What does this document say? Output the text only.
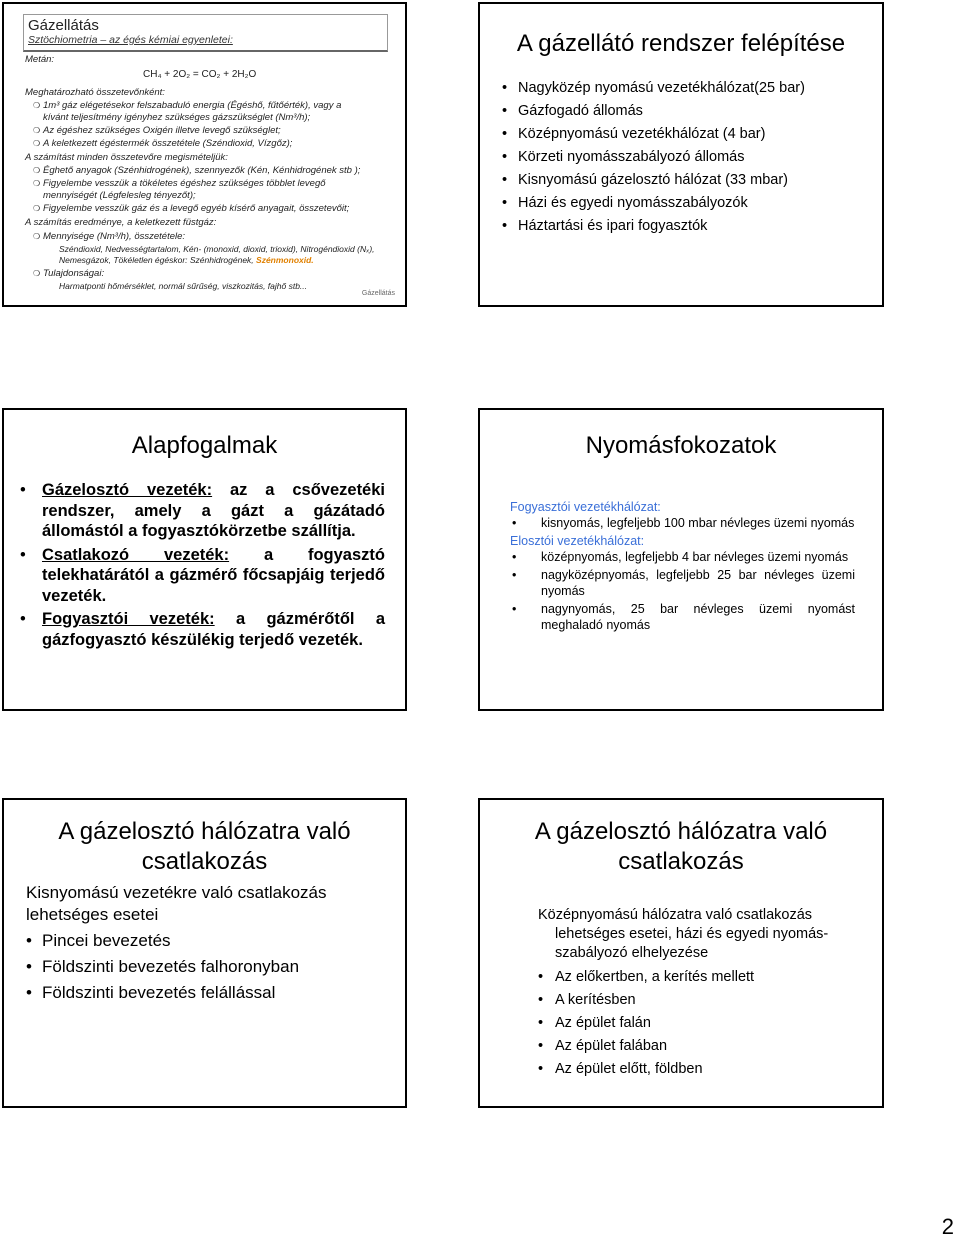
Gázellátás
Sztöchiometria – az égés kémiai egyenletei:
Metán:
CH₄ + 2O₂ = CO₂ + 2H₂O
Meghatározható összetevőnként:
❍ 1m³ gáz elégetésekor felszabaduló energia (Égéshő, fűtőérték), vagy a
kívánt teljesítmény igényhez szükséges gázszükséglet (Nm³/h);
❍ Az égéshez szükséges Oxigén illetve levegő szükséglet;
❍ A keletkezett égéstermék összetétele (Széndioxid, Vízgőz);
A számítást minden összetevőre megismételjük:
❍ Éghető anyagok (Szénhidrogének), szennyezők (Kén, Kénhidrogének stb );
❍ Figyelembe vesszük a tökéletes égéshez szükséges többlet levegő
mennyiségét (Légfelesleg tényezőt);
❍ Figyelembe vesszük gáz és a levegő egyéb kísérő anyagait, összetevőit;
A számítás eredménye, a keletkezett füstgáz:
❍ Mennyisége (Nm³/h), összetétele:
Széndioxid, Nedvességtartalom, Kén- (monoxid, dioxid, trioxid), Nitrogéndioxid (Nₓ),
Nemesgázok, Tökéletlen égéskor: Szénhidrogének, Szénmonoxid.
❍ Tulajdonságai:
Harmatponti hőmérséklet, normál sűrűség, viszkozitás, fajhő stb...
Gázellátás
A gázellátó rendszer felépítése
• Nagyközép nyomású vezetékhálózat(25 bar)
• Gázfogadó állomás
• Középnyomású vezetékhálózat (4 bar)
• Körzeti nyomásszabályozó állomás
• Kisnyomású gázelosztó hálózat (33 mbar)
• Házi és egyedi nyomásszabályozók
• Háztartási és ipari fogyasztók
Alapfogalmak
• Gázelosztó vezeték: az a csővezetéki rendszer, amely a gázt a gázátadó állomástól a fogyasztókörzetbe szállítja.
• Csatlakozó vezeték: a fogyasztó telekhatárától a gázmérő főcsapjáig terjedő vezeték.
• Fogyasztói vezeték: a gázmérőtől a gázfogyasztó készülékig terjedő vezeték.
Nyomásfokozatok
Fogyasztói vezetékhálózat:
• kisnyomás, legfeljebb 100 mbar névleges üzemi nyomás
Elosztói vezetékhálózat:
• középnyomás, legfeljebb 4 bar névleges üzemi nyomás
• nagyközépnyomás, legfeljebb 25 bar névleges üzemi nyomás
• nagynyomás, 25 bar névleges üzemi nyomást meghaladó nyomás
A gázelosztó hálózatra való
csatlakozás
Kisnyomású vezetékre való csatlakozás
lehetséges esetei
• Pincei bevezetés
• Földszinti bevezetés falhoronyban
• Földszinti bevezetés felállással
A gázelosztó hálózatra való
csatlakozás
Középnyomású hálózatra való csatlakozás
lehetséges esetei, házi és egyedi nyomás-
szabályozó elhelyezése
• Az előkertben, a kerítés mellett
• A kerítésben
• Az épület falán
• Az épület falában
• Az épület előtt, földben
2
